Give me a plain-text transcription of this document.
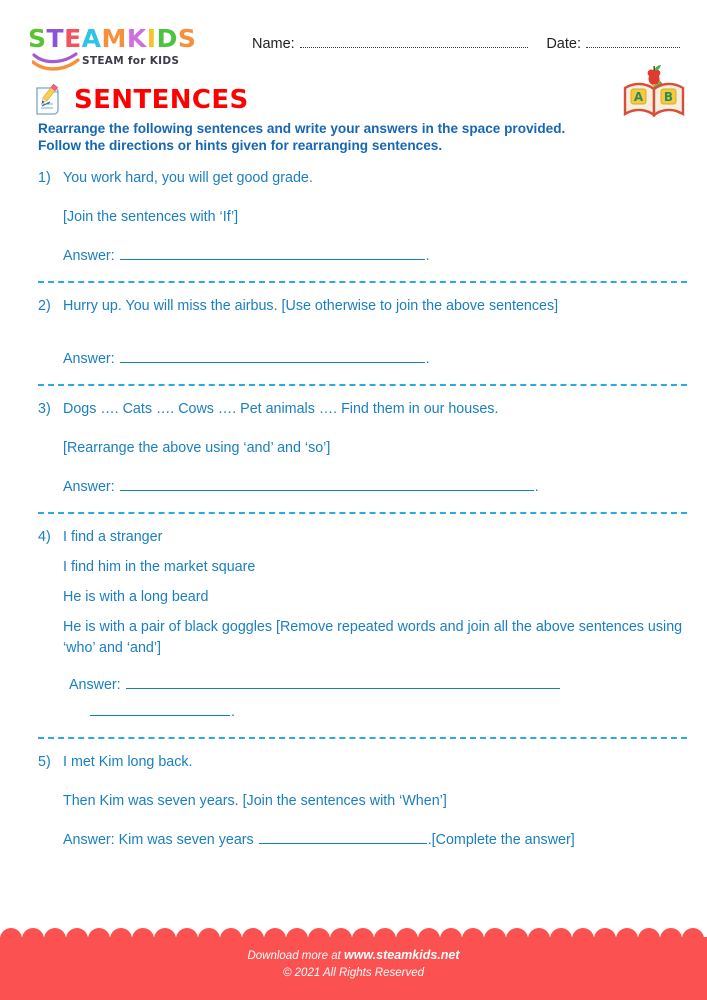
STEAMKIDS
STEAM for KIDS
Name:	Date:
SENTENCES	A B
Rearrange the following sentences and write your answers in the space provided.
Follow the directions or hints given for rearranging sentences.
1) You work hard, you will get good grade.
[Join the sentences with ‘If’]
Answer:	.
2) Hurry up. You will miss the airbus. [Use otherwise to join the above sentences]
Answer:	.
3) Dogs …. Cats …. Cows …. Pet animals …. Find them in our houses.
[Rearrange the above using ‘and’ and ‘so’]
Answer:	.
4) I find a stranger
I find him in the market square
He is with a long beard
He is with a pair of black goggles [Remove repeated words and join all the above sentences using ‘who’ and ‘and’]
Answer:
.
5) I met Kim long back.
Then Kim was seven years. [Join the sentences with ‘When’]
Answer: Kim was seven years	.[Complete the answer]
Download more at www.steamkids.net
© 2021 All Rights Reserved
